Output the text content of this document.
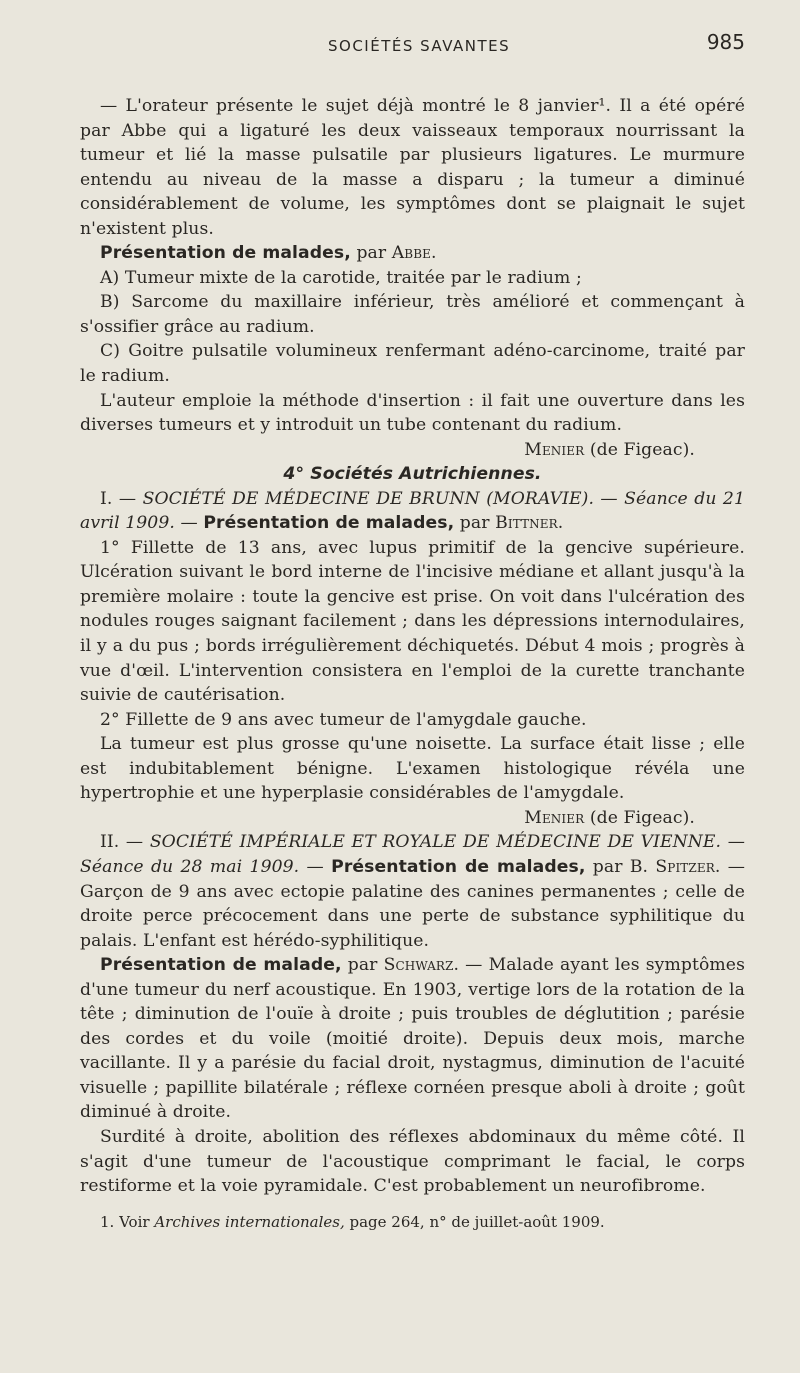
SOCIÉTÉS SAVANTES	985

— L'orateur présente le sujet déjà montré le 8 janvier¹. Il a été opéré par Abbe qui a ligaturé les deux vaisseaux temporaux nourrissant la tumeur et lié la masse pulsatile par plusieurs ligatures. Le murmure entendu au niveau de la masse a disparu ; la tumeur a diminué considérablement de volume, les symptômes dont se plaignait le sujet n'existent plus.

Présentation de malades, par Abbe.

A) Tumeur mixte de la carotide, traitée par le radium ;

B) Sarcome du maxillaire inférieur, très amélioré et commençant à s'ossifier grâce au radium.

C) Goitre pulsatile volumineux renfermant adéno-carcinome, traité par le radium.

L'auteur emploie la méthode d'insertion : il fait une ouverture dans les diverses tumeurs et y introduit un tube contenant du radium.

Menier (de Figeac).

4° Sociétés Autrichiennes.

I. — SOCIÉTÉ DE MÉDECINE DE BRUNN (MORAVIE). — Séance du 21 avril 1909. — Présentation de malades, par Bittner.

1° Fillette de 13 ans, avec lupus primitif de la gencive supérieure. Ulcération suivant le bord interne de l'incisive médiane et allant jusqu'à la première molaire : toute la gencive est prise. On voit dans l'ulcération des nodules rouges saignant facilement ; dans les dépressions internodulaires, il y a du pus ; bords irrégulièrement déchiquetés. Début 4 mois ; progrès à vue d'œil. L'intervention consistera en l'emploi de la curette tranchante suivie de cautérisation.

2° Fillette de 9 ans avec tumeur de l'amygdale gauche.

La tumeur est plus grosse qu'une noisette. La surface était lisse ; elle est indubitablement bénigne. L'examen histologique révéla une hypertrophie et une hyperplasie considérables de l'amygdale.

Menier (de Figeac).

II. — SOCIÉTÉ IMPÉRIALE ET ROYALE DE MÉDECINE DE VIENNE. — Séance du 28 mai 1909. — Présentation de malades, par B. Spitzer. — Garçon de 9 ans avec ectopie palatine des canines permanentes ; celle de droite perce précocement dans une perte de substance syphilitique du palais. L'enfant est hérédo-syphilitique.

Présentation de malade, par Schwarz. — Malade ayant les symptômes d'une tumeur du nerf acoustique. En 1903, vertige lors de la rotation de la tête ; diminution de l'ouïe à droite ; puis troubles de déglutition ; parésie des cordes et du voile (moitié droite). Depuis deux mois, marche vacillante. Il y a parésie du facial droit, nystagmus, diminution de l'acuité visuelle ; papillite bilatérale ; réflexe cornéen presque aboli à droite ; goût diminué à droite.

Surdité à droite, abolition des réflexes abdominaux du même côté. Il s'agit d'une tumeur de l'acoustique comprimant le facial, le corps restiforme et la voie pyramidale. C'est probablement un neurofibrome.

1. Voir Archives internationales, page 264, n° de juillet-août 1909.
